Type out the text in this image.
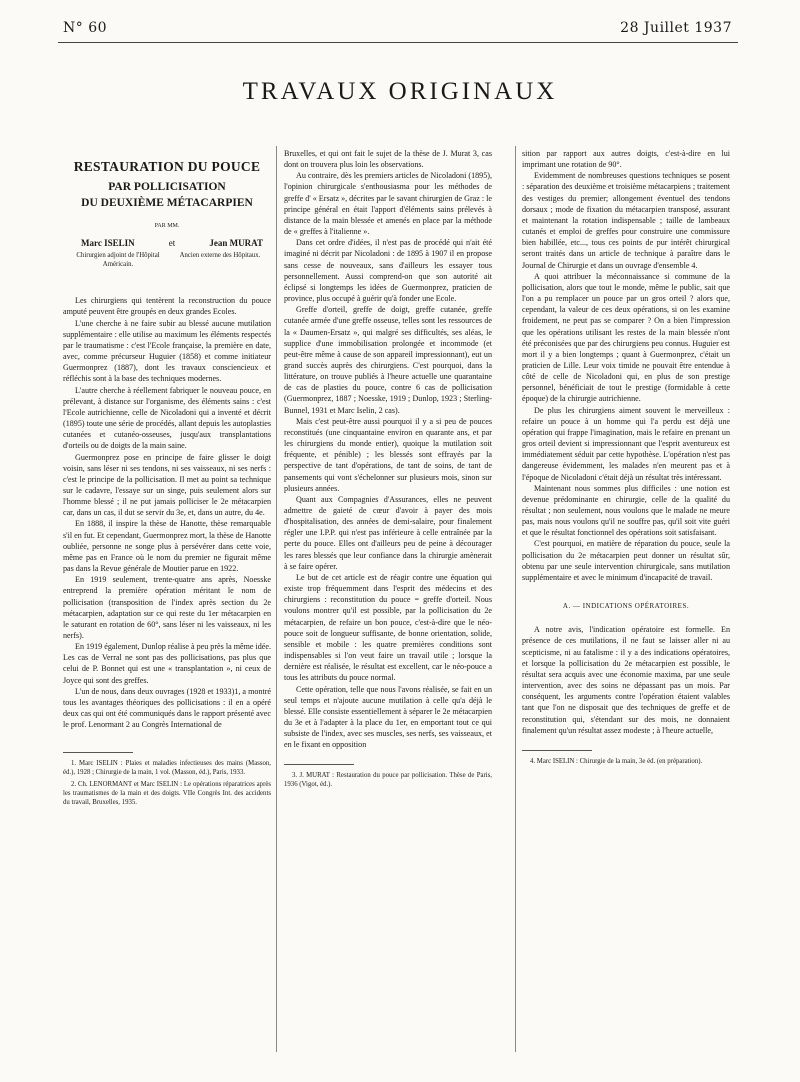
N° 60	28 Juillet 1937
TRAVAUX ORIGINAUX
RESTAURATION DU POUCE
PAR POLLICISATION
DU DEUXIÈME MÉTACARPIEN
PAR MM.
Marc ISELIN	et	Jean MURAT
Chirurgien adjoint de l'Hôpital Américain.
Ancien externe des Hôpitaux.

Les chirurgiens qui tentèrent la reconstruction du pouce amputé peuvent être groupés en deux grandes Ecoles.

L'une cherche à ne faire subir au blessé aucune mutilation supplémentaire : elle utilise au maximum les éléments respectés par le traumatisme : c'est l'Ecole française, la première en date, avec, comme précurseur Huguier (1858) et comme initiateur Guermonprez (1887), dont les travaux consciencieux et réfléchis sont à la base des techniques modernes.

L'autre cherche à réellement fabriquer le nouveau pouce, en prélevant, à distance sur l'organisme, des éléments sains : c'est l'Ecole autrichienne, celle de Nicoladoni qui a inventé et décrit (1895) toute une série de procédés, allant depuis les autoplasties cutanées et cutanéo-osseuses, jusqu'aux transplantations d'orteils ou de doigts de la main saine.

Guermonprez pose en principe de faire glisser le doigt voisin, sans léser ni ses tendons, ni ses vaisseaux, ni ses nerfs : c'est le principe de la pollicisation. Il met au point sa technique sur le cadavre, l'essaye sur un singe, puis seulement alors sur l'homme blessé ; il ne put jamais polliciser le 2e métacarpien car, dans un cas, il dut se servir du 3e, et, dans un autre, du 4e.

En 1888, il inspire la thèse de Hanotte, thèse remarquable s'il en fut. Et cependant, Guermonprez mort, la thèse de Hanotte oubliée, personne ne songe plus à persévérer dans cette voie, même pas en France où le nom du premier ne figurait même pas dans la Revue générale de Moutier parue en 1922.

En 1919 seulement, trente-quatre ans après, Noesske entreprend la première opération méritant le nom de pollicisation (transposition de l'index après section du 2e métacarpien, adaptation sur ce qui reste du 1er métacarpien en le saturant en rotation de 60°, sans léser ni les vaisseaux, ni les nerfs).

En 1919 également, Dunlop réalise à peu près la même idée. Les cas de Verral ne sont pas des pollicisations, pas plus que celui de P. Bonnet qui est une « transplantation », ni ceux de Joyce qui sont des greffes.

L'un de nous, dans deux ouvrages (1928 et 1933)1, a montré tous les avantages théoriques des pollicisations : il en a opéré deux cas qui ont été communiqués dans le rapport présenté avec le prof. Lenormant 2 au Congrès International de

1. Marc ISELIN : Plaies et maladies infectieuses des mains (Masson, éd.), 1928 ; Chirurgie de la main, 1 vol. (Masson, éd.), Paris, 1933.
2. Ch. LENORMANT et Marc ISELIN : Le opérations réparatrices après les traumatismes de la main et des doigts. VIIe Congrès Int. des accidents du travail, Bruxelles, 1935.

Bruxelles, et qui ont fait le sujet de la thèse de J. Murat 3, cas dont on trouvera plus loin les observations.

Au contraire, dès les premiers articles de Nicoladoni (1895), l'opinion chirurgicale s'enthousiasma pour les méthodes de greffe d' « Ersatz », décrites par le savant chirurgien de Graz : le principe général en était l'apport d'éléments sains prélevés à distance de la main blessée et amenés en place par la méthode de « greffes à l'italienne ».

Dans cet ordre d'idées, il n'est pas de procédé qui n'ait été imaginé ni décrit par Nicoladoni : de 1895 à 1907 il en propose sans cesse de nouveaux, sans d'ailleurs les essayer tous personnellement. Aussi comprend-on que son autorité ait éclipsé si longtemps les idées de Guermonprez, praticien de province, plus occupé à guérir qu'à fonder une Ecole.

Greffe d'orteil, greffe de doigt, greffe cutanée, greffe cutanée armée d'une greffe osseuse, telles sont les ressources de la « Daumen-Ersatz », qui malgré ses difficultés, ses aléas, le supplice d'une immobilisation prolongée et incommode (et peut-être même à cause de son appareil impressionnant), eut un grand succès auprès des chirurgiens. C'est pourquoi, dans la littérature, on trouve publiés à l'heure actuelle une quarantaine de cas de plasties du pouce, contre 6 cas de pollicisation (Guermonprez, 1887 ; Noesske, 1919 ; Dunlop, 1923 ; Sterling-Bunnel, 1931 et Marc Iselin, 2 cas).

Mais c'est peut-être aussi pourquoi il y a si peu de pouces reconstitués (une cinquantaine environ en quarante ans, et par les chirurgiens du monde entier), quoique la mutilation soit fréquente, et pénible) ; les blessés sont effrayés par la perspective de tant d'opérations, de tant de soins, de tant de pansements qui vont s'échelonner sur plusieurs mois, sinon sur plusieurs années.

Quant aux Compagnies d'Assurances, elles ne peuvent admettre de gaieté de cœur d'avoir à payer des mois d'hospitalisation, des années de demi-salaire, pour finalement régler une I.P.P. qui n'est pas inférieure à celle entraînée par la perte du pouce. Elles ont d'ailleurs peu de peine à décourager les rares blessés que leur confiance dans la chirurgie amènerait à se faire opérer.

Le but de cet article est de réagir contre une équation qui existe trop fréquemment dans l'esprit des médecins et des chirurgiens : reconstitution du pouce = greffe d'orteil. Nous voulons montrer qu'il est possible, par la pollicisation du 2e métacarpien, de refaire un bon pouce, c'est-à-dire que le néo-pouce soit de longueur suffisante, de bonne orientation, solide, sensible et mobile : les quatre premières conditions sont indispensables si l'on veut faire un travail utile ; lorsque la dernière est réalisée, le résultat est excellent, car le néo-pouce a tous les attributs du pouce normal.

Cette opération, telle que nous l'avons réalisée, se fait en un seul temps et n'ajoute aucune mutilation à celle qu'a déjà le blessé. Elle consiste essentiellement à séparer le 2e métacarpien du 3e et à l'adapter à la place du 1er, en emportant tout ce qui subsiste de l'index, avec ses muscles, ses nerfs, ses vaisseaux, et en le fixant en opposition

3. J. MURAT : Restauration du pouce par pollicisation. Thèse de Paris, 1936 (Vigot, éd.).

sition par rapport aux autres doigts, c'est-à-dire en lui imprimant une rotation de 90°.

Evidemment de nombreuses questions techniques se posent : séparation des deuxième et troisième métacarpiens ; traitement des vestiges du premier; allongement éventuel des tendons dorsaux ; mode de fixation du métacarpien transposé, assurant et maintenant la rotation indispensable ; taille de lambeaux cutanés et emploi de greffes pour construire une commissure bien habillée, etc..., tous ces points de pur intérêt chirurgical seront traités dans un article de technique à paraître dans le Journal de Chirurgie et dans un ouvrage d'ensemble 4.

A quoi attribuer la méconnaissance si commune de la pollicisation, alors que tout le monde, même le public, sait que l'on a pu remplacer un pouce par un gros orteil ? alors que, cependant, la valeur de ces deux opérations, si on les examine froidement, ne peut pas se comparer ? On a bien l'impression que les opérations utilisant les restes de la main blessée n'ont été préconisées que par des chirurgiens peu connus. Huguier est mort il y a bien longtemps ; quant à Guermonprez, c'était un praticien de Lille. Leur voix timide ne pouvait être entendue à côté de celle de Nicoladoni qui, en plus de son prestige personnel, bénéficiait de tout le prestige (formidable à cette époque) de la chirurgie autrichienne.

De plus les chirurgiens aiment souvent le merveilleux : refaire un pouce à un homme qui l'a perdu est déjà une opération qui frappe l'imagination, mais le refaire en prenant un gros orteil devient si impressionnant que l'esprit aventureux est immédiatement séduit par cette hypothèse. L'opération n'est pas dangereuse évidemment, les malades n'en meurent pas et à l'époque de Nicoladoni c'était déjà un résultat très intéressant.

Maintenant nous sommes plus difficiles : une notion est devenue prédominante en chirurgie, celle de la qualité du résultat ; non seulement, nous voulons que le malade ne meure pas, mais nous voulons qu'il ne souffre pas, qu'il soit vite guéri et que le résultat fonctionnel des opérations soit satisfaisant.

C'est pourquoi, en matière de réparation du pouce, seule la pollicisation du 2e métacarpien peut donner un résultat sûr, obtenu par une seule intervention chirurgicale, sans mutilation supplémentaire et avec le minimum d'incapacité de travail.

A. — INDICATIONS OPÉRATOIRES.

A notre avis, l'indication opératoire est formelle. En présence de ces mutilations, il ne faut se laisser aller ni au scepticisme, ni au fatalisme : il y a des indications opératoires, et lorsque la pollicisation du 2e métacarpien est possible, le résultat sera acquis avec une économie maxima, par une seule intervention, avec des soins ne dépassant pas un mois. Par conséquent, les arguments contre l'opération étaient valables tant que l'on ne disposait que des techniques de greffe et de reconstitution qui, s'étendant sur des mois, ne donnaient finalement qu'un résultat assez modeste ; à l'heure actuelle,

4. Marc ISELIN : Chirurgie de la main, 3e éd. (en préparation).
